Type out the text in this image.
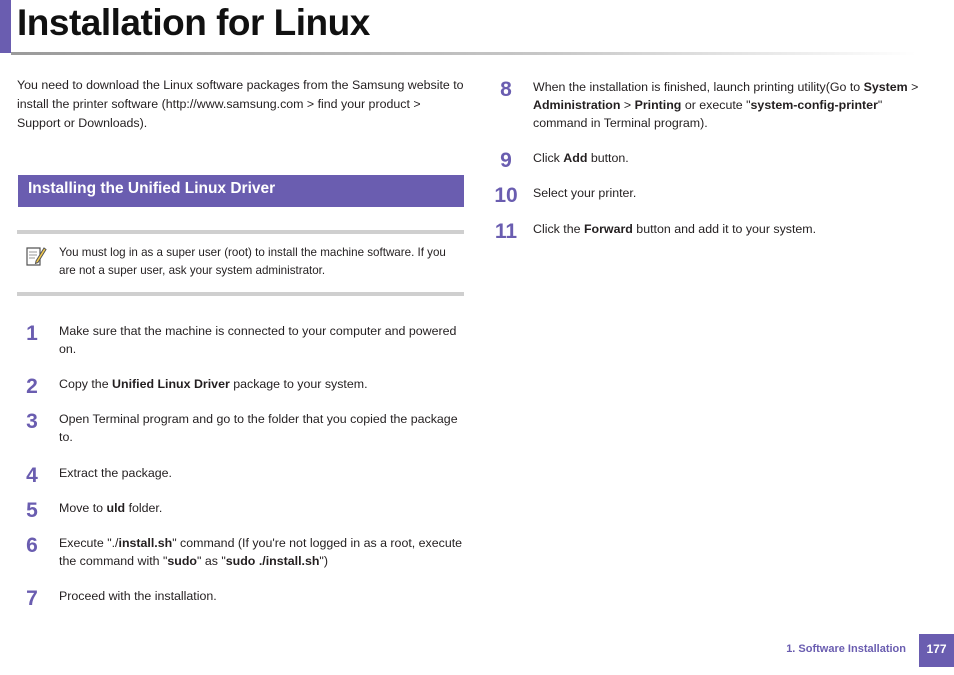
Installation for Linux

You need to download the Linux software packages from the Samsung website to install the printer software (http://www.samsung.com > find your product > Support or Downloads).

Installing the Unified Linux Driver

You must log in as a super user (root) to install the machine software. If you are not a super user, ask your system administrator.

1	Make sure that the machine is connected to your computer and powered on.

2	Copy the Unified Linux Driver package to your system.

3	Open Terminal program and go to the folder that you copied the package to.

4	Extract the package.

5	Move to uld folder.

6	Execute "./install.sh" command (If you're not logged in as a root, execute the command with "sudo" as "sudo ./install.sh")

7	Proceed with the installation.

8	When the installation is finished, launch printing utility(Go to System > Administration > Printing or execute "system-config-printer" command in Terminal program).

9	Click Add button.

10 Select your printer.

11	Click the Forward button and add it to your system.

1. Software Installation	177
